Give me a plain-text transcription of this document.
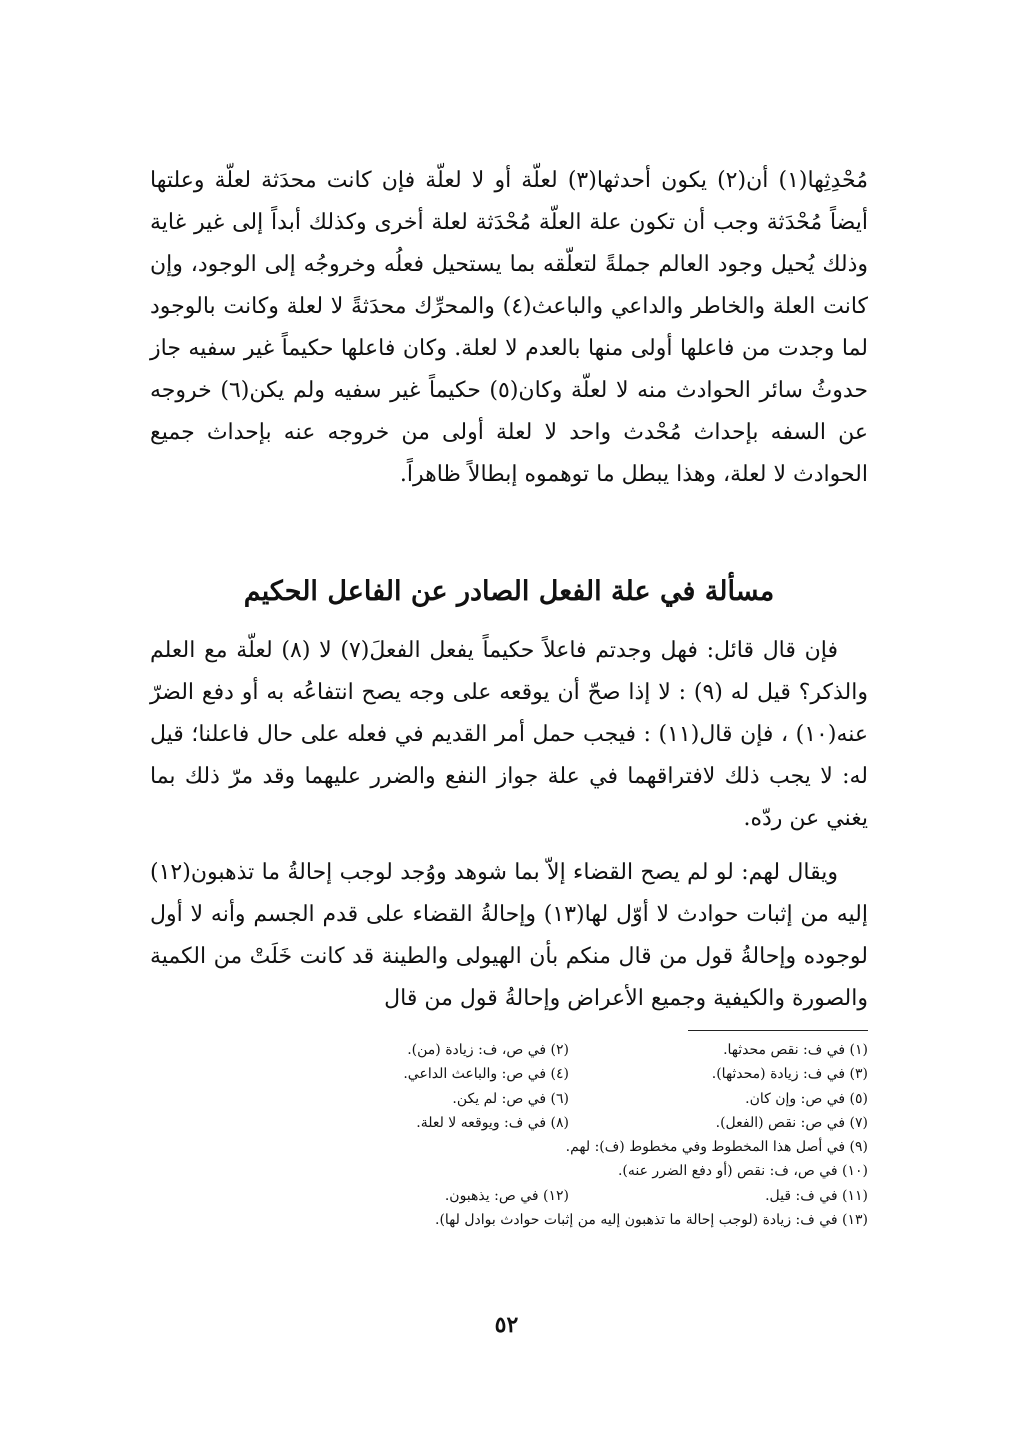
مُحْدِثِها(١) أن(٢) يكون أحدثها(٣) لعلّة أو لا لعلّة فإن كانت محدَثة لعلّة وعلتها أيضاً مُحْدَثة وجب أن تكون علة العلّة مُحْدَثة لعلة أخرى وكذلك أبداً إلى غير غاية وذلك يُحيل وجود العالم جملةً لتعلّقه بما يستحيل فعلُه وخروجُه إلى الوجود، وإن كانت العلة والخاطر والداعي والباعث(٤) والمحرِّك محدَثةً لا لعلة وكانت بالوجود لما وجدت من فاعلها أولى منها بالعدم لا لعلة. وكان فاعلها حكيماً غير سفيه جاز حدوثُ سائر الحوادث منه لا لعلّة وكان(٥) حكيماً غير سفيه ولم يكن(٦) خروجه عن السفه بإحداث مُحْدث واحد لا لعلة أولى من خروجه عنه بإحداث جميع الحوادث لا لعلة، وهذا يبطل ما توهموه إبطالاً ظاهراً.

مسألة في علة الفعل الصادر عن الفاعل الحكيم

فإن قال قائل: فهل وجدتم فاعلاً حكيماً يفعل الفعلَ(٧) لا (٨) لعلّة مع العلم والذكر؟ قيل له (٩) : لا إذا صحّ أن يوقعه على وجه يصح انتفاعُه به أو دفع الضرّ عنه(١٠) ، فإن قال(١١) : فيجب حمل أمر القديم في فعله على حال فاعلنا؛ قيل له: لا يجب ذلك لافتراقهما في علة جواز النفع والضرر عليهما وقد مرّ ذلك بما يغني عن ردّه.

ويقال لهم: لو لم يصح القضاء إلاّ بما شوهد ووُجد لوجب إحالةُ ما تذهبون(١٢) إليه من إثبات حوادث لا أوّل لها(١٣) وإحالةُ القضاء على قدم الجسم وأنه لا أول لوجوده وإحالةُ قول من قال منكم بأن الهيولى والطينة قد كانت خَلَتْ من الكمية والصورة والكيفية وجميع الأعراض وإحالةُ قول من قال

(١) في ف: نقص محدثها.
(٢) في ص، ف: زيادة (من).
(٣) في ف: زيادة (محدثها).
(٤) في ص: والباعث الداعي.
(٥) في ص: وإن كان.
(٦) في ص: لم يكن.
(٧) في ص: نقص (الفعل).
(٨) في ف: ويوقعه لا لعلة.
(٩) في أصل هذا المخطوط وفي مخطوط (ف): لهم.
(١٠) في ص، ف: نقص (أو دفع الضرر عنه).
(١١) في ف: قيل.
(١٢) في ص: يذهبون.
(١٣) في ف: زيادة (لوجب إحالة ما تذهبون إليه من إثبات حوادث بوادل لها).
٥٢
